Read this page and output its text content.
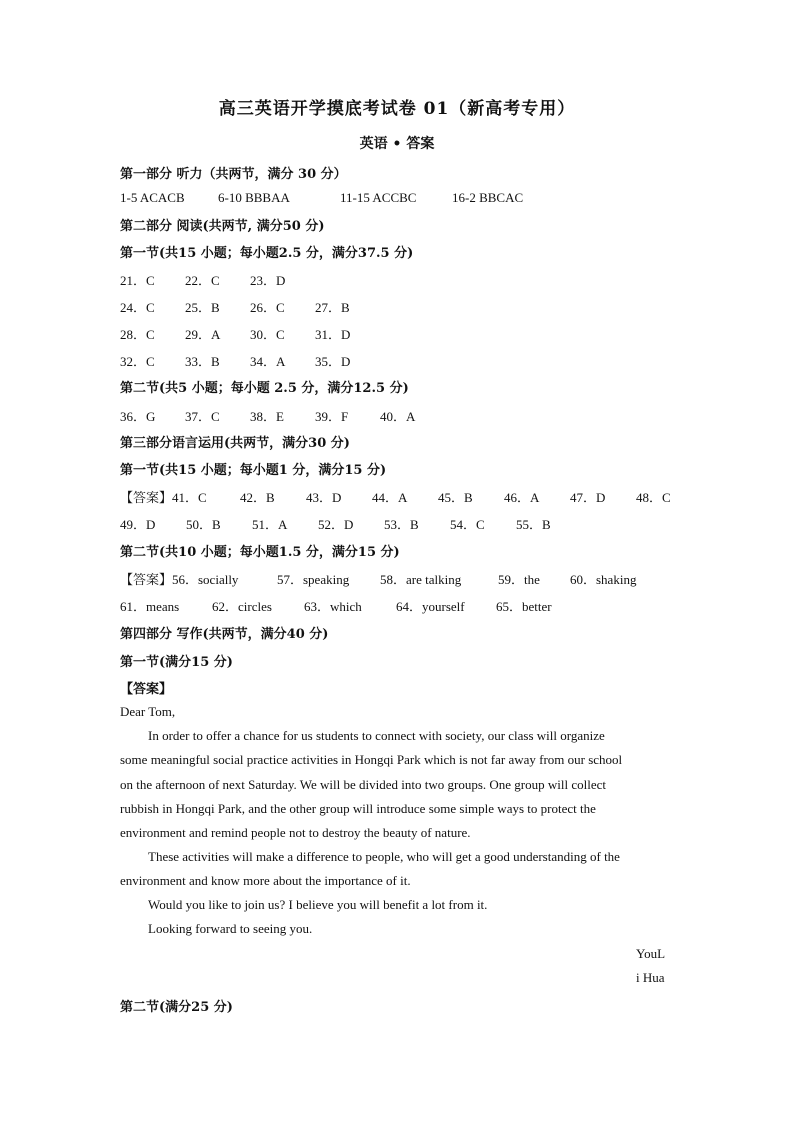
高三英语开学摸底考试卷 01（新高考专用）
英语 • 答案
第一部分 听力（共两节，满分 30 分）
1-5 ACACB	6-10 BBBAA	11-15 ACCBC	16-2 BBCAC
第二部分 阅读(共两节, 满分50 分)
第一节(共15 小题；每小题2.5 分，满分37.5 分)
21．C 22．C 23．D
24．C 25．B 26．C 27．B
28．C 29．A 30．C 31．D
32．C 33．B 34．A 35．D
第二节(共5 小题；每小题 2.5 分，满分12.5 分)
36．G 37．C 38．E 39．F 40．A
第三部分语言运用(共两节，满分30 分)
第一节(共15 小题；每小题1 分，满分15 分)
【答案】41．C	42．B 43．D 44．A 45．B 46．A 47．D 48．C
49．D 50．B 51．A 52．D 53．B 54．C 55．B
第二节(共10 小题；每小题1.5 分，满分15 分)
【答案】56．socially	57．speaking 58．are talking	59．the 60．shaking
61．means	62．circles 63．which	64．yourself 65．better
第四部分 写作(共两节，满分40 分)
第一节(满分15 分)
【答案】
Dear Tom,
In order to offer a chance for us students to connect with society, our class will organize
some meaningful social practice activities in Hongqi Park which is not far away from our school
on the afternoon of next Saturday. We will be divided into two groups. One group will collect
rubbish in Hongqi Park, and the other group will introduce some simple ways to protect the
environment and remind people not to destroy the beauty of nature.
These activities will make a difference to people, who will get a good understanding of the
environment and know more about the importance of it.
Would you like to join us? I believe you will benefit a lot from it.
Looking forward to seeing you.
YouL
i Hua
第二节(满分25 分)
